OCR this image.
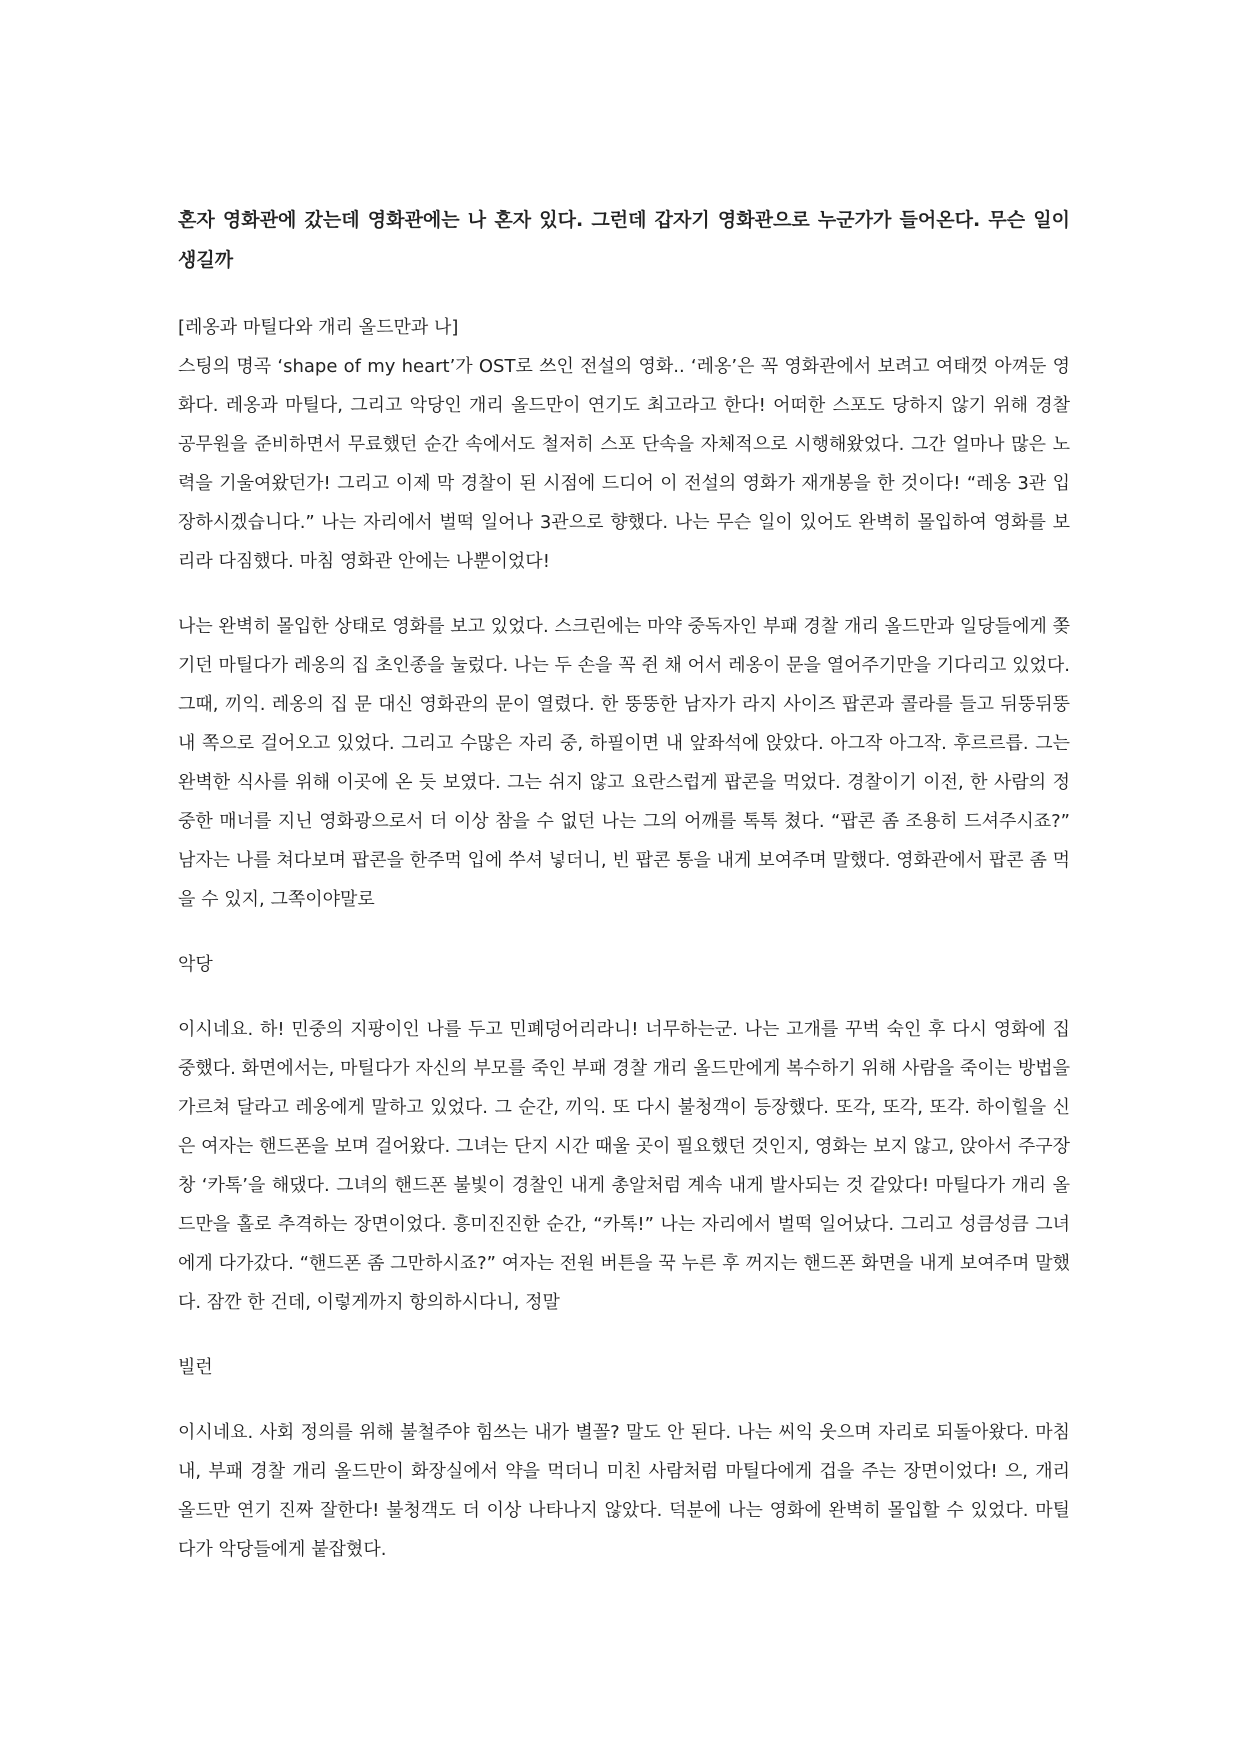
혼자 영화관에 갔는데 영화관에는 나 혼자 있다. 그런데 갑자기 영화관으로 누군가가 들어온다. 무슨 일이 생길까
[레옹과 마틸다와 개리 올드만과 나]
스팅의 명곡 ‘shape of my heart’가 OST로 쓰인 전설의 영화.. ‘레옹’은 꼭 영화관에서 보려고 여태껏 아껴둔 영화다. 레옹과 마틸다, 그리고 악당인 개리 올드만이 연기도 최고라고 한다! 어떠한 스포도 당하지 않기 위해 경찰 공무원을 준비하면서 무료했던 순간 속에서도 철저히 스포 단속을 자체적으로 시행해왔었다. 그간 얼마나 많은 노력을 기울여왔던가! 그리고 이제 막 경찰이 된 시점에 드디어 이 전설의 영화가 재개봉을 한 것이다! “레옹 3관 입장하시겠습니다.” 나는 자리에서 벌떡 일어나 3관으로 향했다. 나는 무슨 일이 있어도 완벽히 몰입하여 영화를 보리라 다짐했다. 마침 영화관 안에는 나뿐이었다!
나는 완벽히 몰입한 상태로 영화를 보고 있었다. 스크린에는 마약 중독자인 부패 경찰 개리 올드만과 일당들에게 쫒기던 마틸다가 레옹의 집 초인종을 눌렀다. 나는 두 손을 꼭 쥔 채 어서 레옹이 문을 열어주기만을 기다리고 있었다. 그때, 끼익. 레옹의 집 문 대신 영화관의 문이 열렸다. 한 뚱뚱한 남자가 라지 사이즈 팝콘과 콜라를 들고 뒤뚱뒤뚱 내 쪽으로 걸어오고 있었다. 그리고 수많은 자리 중, 하필이면 내 앞좌석에 앉았다. 아그작 아그작. 후르르릅. 그는 완벽한 식사를 위해 이곳에 온 듯 보였다. 그는 쉬지 않고 요란스럽게 팝콘을 먹었다. 경찰이기 이전, 한 사람의 정중한 매너를 지닌 영화광으로서 더 이상 참을 수 없던 나는 그의 어깨를 톡톡 쳤다. “팝콘 좀 조용히 드셔주시죠?” 남자는 나를 쳐다보며 팝콘을 한주먹 입에 쑤셔 넣더니, 빈 팝콘 통을 내게 보여주며 말했다. 영화관에서 팝콘 좀 먹을 수 있지, 그쪽이야말로
악당
이시네요. 하! 민중의 지팡이인 나를 두고 민폐덩어리라니! 너무하는군. 나는 고개를 꾸벅 숙인 후 다시 영화에 집중했다. 화면에서는, 마틸다가 자신의 부모를 죽인 부패 경찰 개리 올드만에게 복수하기 위해 사람을 죽이는 방법을 가르쳐 달라고 레옹에게 말하고 있었다. 그 순간, 끼익. 또 다시 불청객이 등장했다. 또각, 또각, 또각. 하이힐을 신은 여자는 핸드폰을 보며 걸어왔다. 그녀는 단지 시간 때울 곳이 필요했던 것인지, 영화는 보지 않고, 앉아서 주구장창 ‘카톡’을 해댔다. 그녀의 핸드폰 불빛이 경찰인 내게 총알처럼 계속 내게 발사되는 것 같았다! 마틸다가 개리 올드만을 홀로 추격하는 장면이었다. 흥미진진한 순간, “카톡!” 나는 자리에서 벌떡 일어났다. 그리고 성큼성큼 그녀에게 다가갔다. “핸드폰 좀 그만하시죠?” 여자는 전원 버튼을 꾹 누른 후 꺼지는 핸드폰 화면을 내게 보여주며 말했다. 잠깐 한 건데, 이렇게까지 항의하시다니, 정말
빌런
이시네요. 사회 정의를 위해 불철주야 힘쓰는 내가 별꼴? 말도 안 된다. 나는 씨익 웃으며 자리로 되돌아왔다. 마침내, 부패 경찰 개리 올드만이 화장실에서 약을 먹더니 미친 사람처럼 마틸다에게 겁을 주는 장면이었다! 으, 개리 올드만 연기 진짜 잘한다! 불청객도 더 이상 나타나지 않았다. 덕분에 나는 영화에 완벽히 몰입할 수 있었다. 마틸다가 악당들에게 붙잡혔다.
